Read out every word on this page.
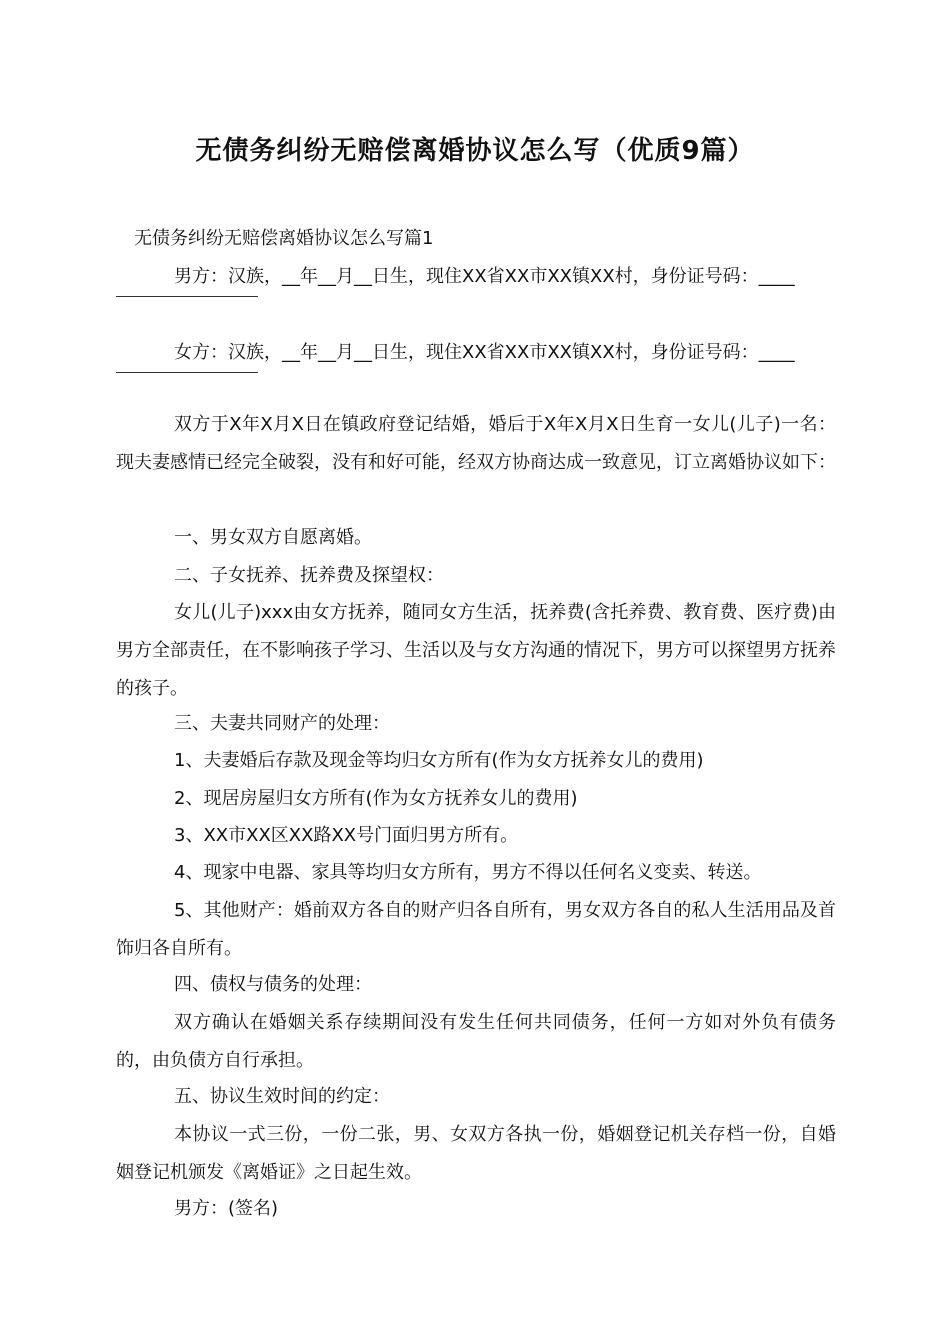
无债务纠纷无赔偿离婚协议怎么写（优质9篇）

无债务纠纷无赔偿离婚协议怎么写篇1

男方：汉族，__年__月__日生，现住XX省XX市XX镇XX村，身份证号码：____

女方：汉族，__年__月__日生，现住XX省XX市XX镇XX村，身份证号码：____

双方于X年X月X日在镇政府登记结婚，婚后于X年X月X日生育一女儿(儿子)一名：现夫妻感情已经完全破裂，没有和好可能，经双方协商达成一致意见，订立离婚协议如下：

一、男女双方自愿离婚。

二、子女抚养、抚养费及探望权：

女儿(儿子)xxx由女方抚养，随同女方生活，抚养费(含托养费、教育费、医疗费)由男方全部责任，在不影响孩子学习、生活以及与女方沟通的情况下，男方可以探望男方抚养的孩子。

三、夫妻共同财产的处理：

1、夫妻婚后存款及现金等均归女方所有(作为女方抚养女儿的费用)

2、现居房屋归女方所有(作为女方抚养女儿的费用)

3、XX市XX区XX路XX号门面归男方所有。

4、现家中电器、家具等均归女方所有，男方不得以任何名义变卖、转送。

5、其他财产：婚前双方各自的财产归各自所有，男女双方各自的私人生活用品及首饰归各自所有。

四、债权与债务的处理：

双方确认在婚姻关系存续期间没有发生任何共同债务，任何一方如对外负有债务的，由负债方自行承担。

五、协议生效时间的约定：

本协议一式三份，一份二张，男、女双方各执一份，婚姻登记机关存档一份，自婚姻登记机颁发《离婚证》之日起生效。

男方：(签名)
